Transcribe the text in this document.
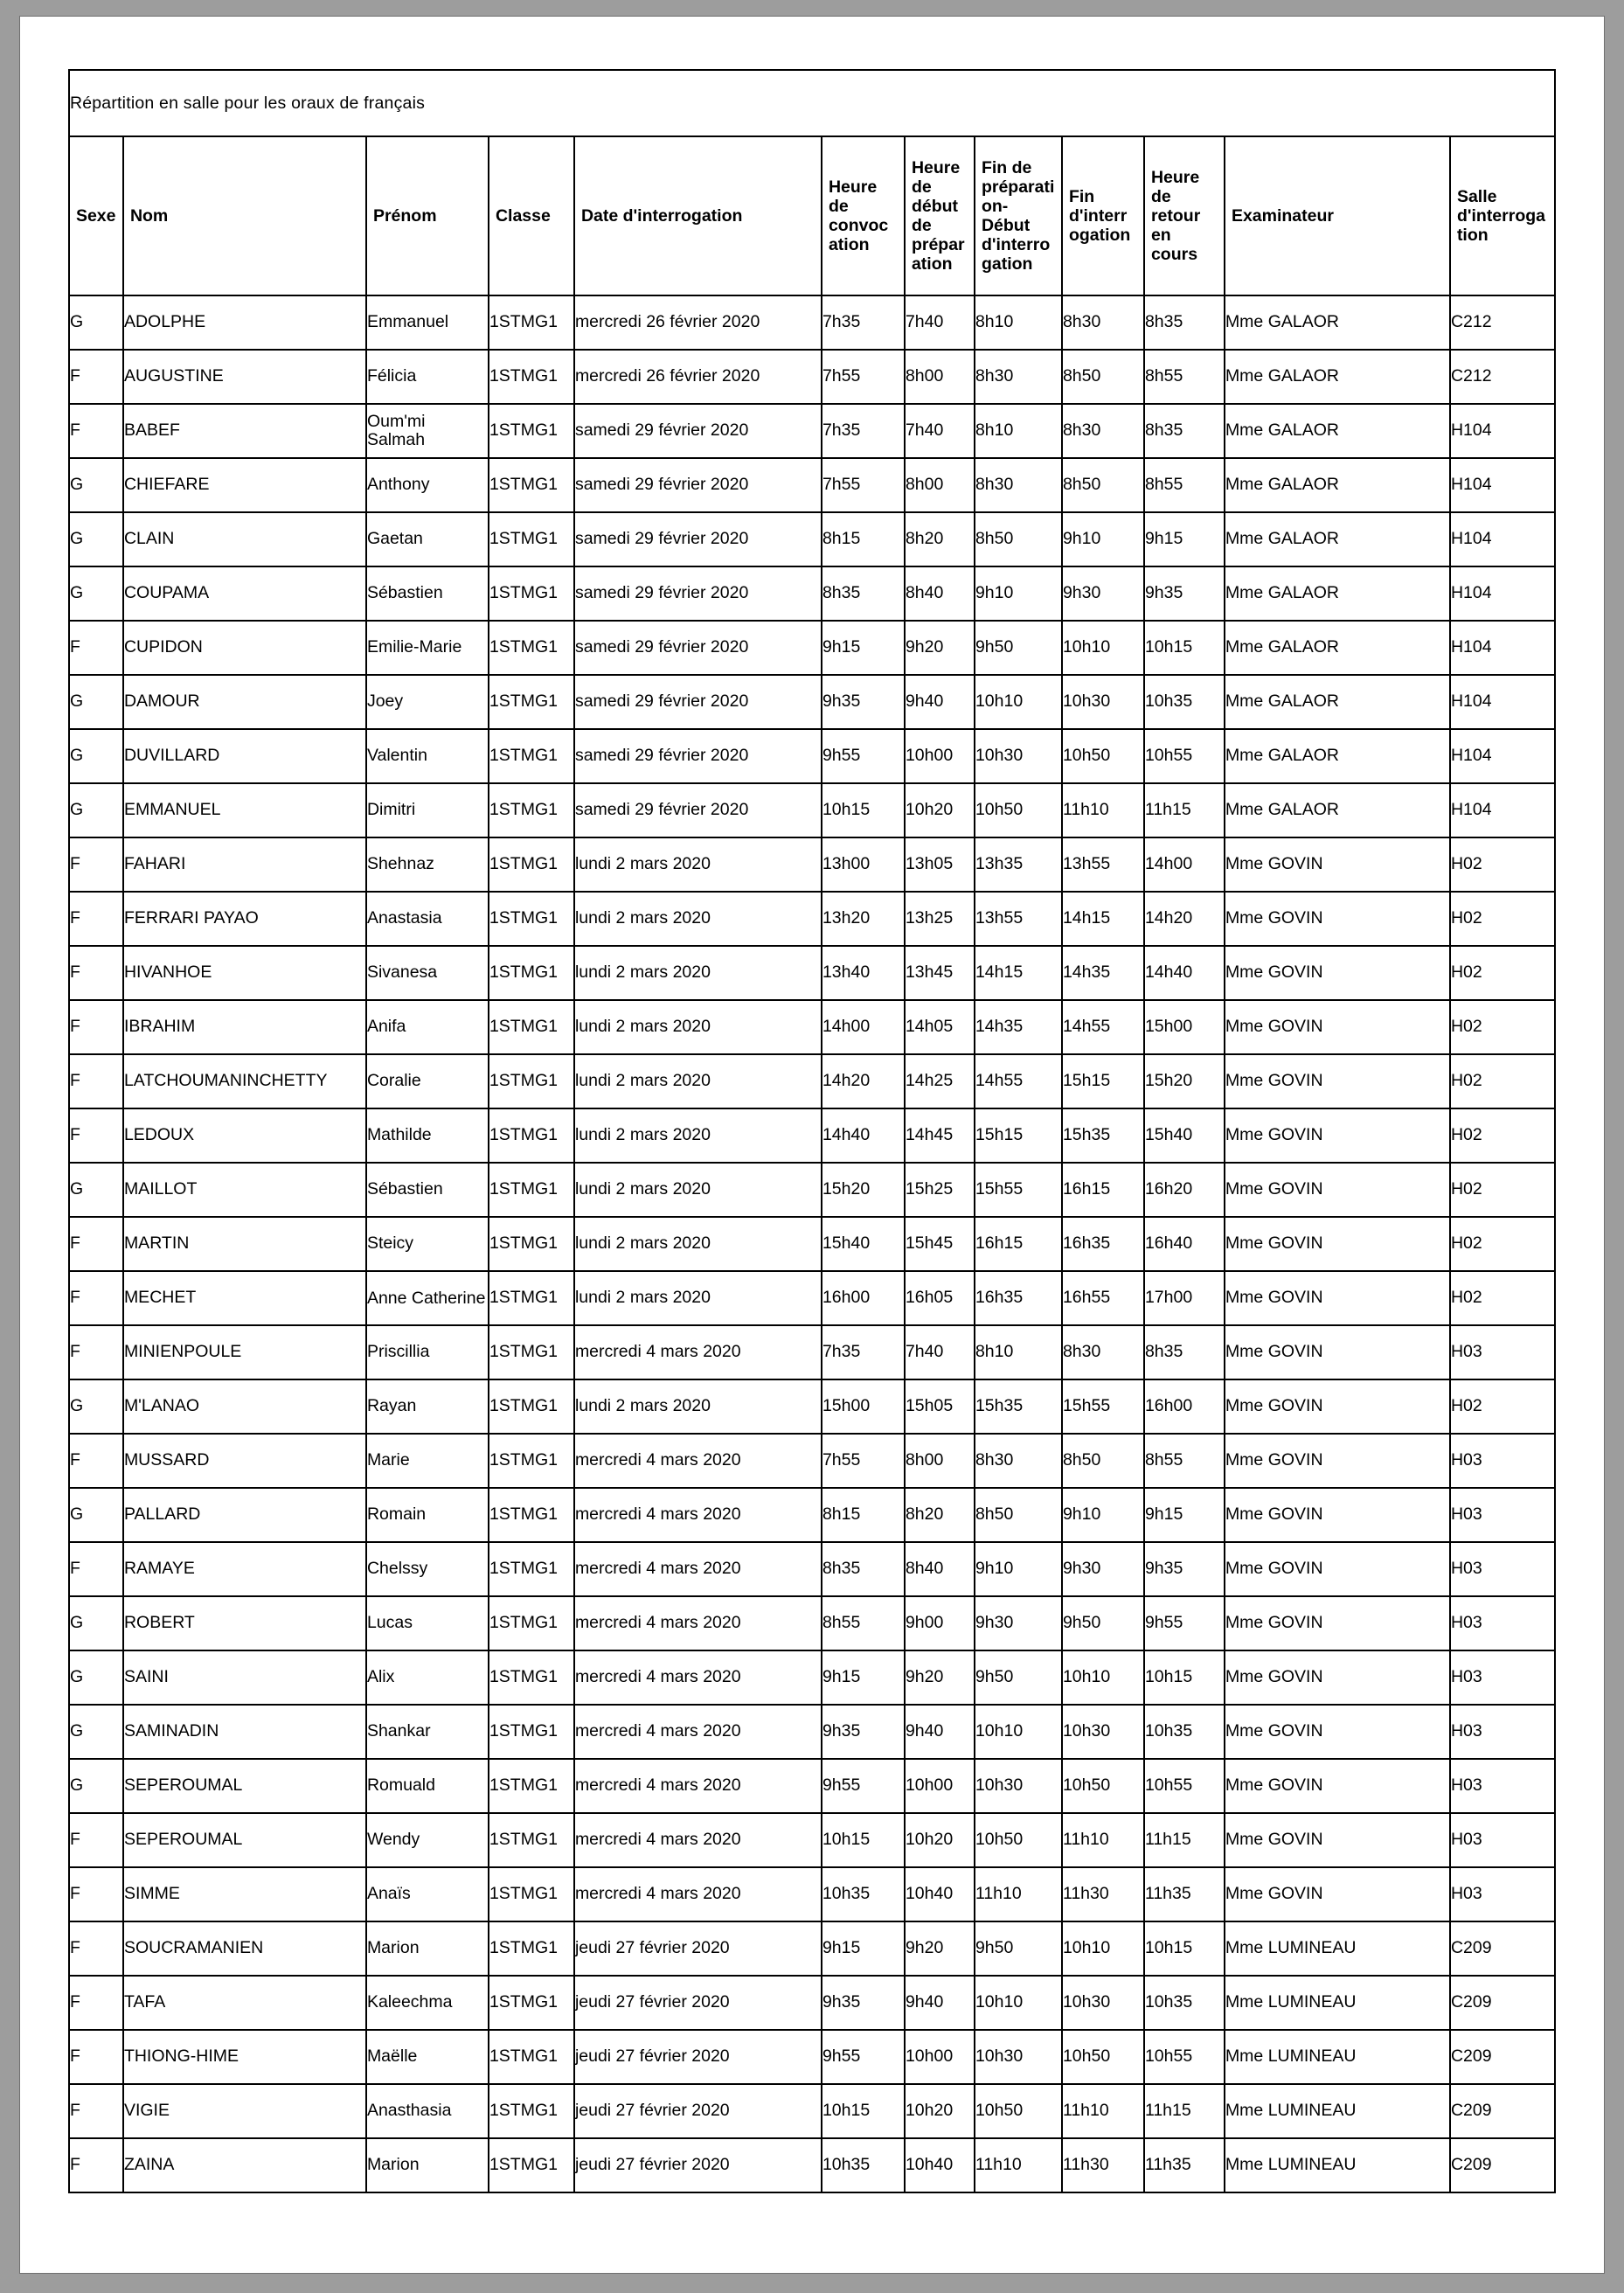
Répartition en salle pour les oraux de français											
Sexe	Nom	Prénom	Classe	Date d'interrogation	Heure de convocation	Heure de début de préparation	Fin de préparation-Début d'interrogation	Fin d'interrogation	Heure de retour en cours	Examinateur	Salle d'interrogation
G	ADOLPHE	Emmanuel	1STMG1	mercredi 26 février 2020	7h35	7h40	8h10	8h30	8h35	Mme GALAOR	C212
F	AUGUSTINE	Félicia	1STMG1	mercredi 26 février 2020	7h55	8h00	8h30	8h50	8h55	Mme GALAOR	C212
F	BABEF	Oum'mi Salmah	1STMG1	samedi 29 février 2020	7h35	7h40	8h10	8h30	8h35	Mme GALAOR	H104
G	CHIEFARE	Anthony	1STMG1	samedi 29 février 2020	7h55	8h00	8h30	8h50	8h55	Mme GALAOR	H104
G	CLAIN	Gaetan	1STMG1	samedi 29 février 2020	8h15	8h20	8h50	9h10	9h15	Mme GALAOR	H104
G	COUPAMA	Sébastien	1STMG1	samedi 29 février 2020	8h35	8h40	9h10	9h30	9h35	Mme GALAOR	H104
F	CUPIDON	Emilie-Marie	1STMG1	samedi 29 février 2020	9h15	9h20	9h50	10h10	10h15	Mme GALAOR	H104
G	DAMOUR	Joey	1STMG1	samedi 29 février 2020	9h35	9h40	10h10	10h30	10h35	Mme GALAOR	H104
G	DUVILLARD	Valentin	1STMG1	samedi 29 février 2020	9h55	10h00	10h30	10h50	10h55	Mme GALAOR	H104
G	EMMANUEL	Dimitri	1STMG1	samedi 29 février 2020	10h15	10h20	10h50	11h10	11h15	Mme GALAOR	H104
F	FAHARI	Shehnaz	1STMG1	lundi 2 mars 2020	13h00	13h05	13h35	13h55	14h00	Mme GOVIN	H02
F	FERRARI PAYAO	Anastasia	1STMG1	lundi 2 mars 2020	13h20	13h25	13h55	14h15	14h20	Mme GOVIN	H02
F	HIVANHOE	Sivanesa	1STMG1	lundi 2 mars 2020	13h40	13h45	14h15	14h35	14h40	Mme GOVIN	H02
F	IBRAHIM	Anifa	1STMG1	lundi 2 mars 2020	14h00	14h05	14h35	14h55	15h00	Mme GOVIN	H02
F	LATCHOUMANINCHETTY	Coralie	1STMG1	lundi 2 mars 2020	14h20	14h25	14h55	15h15	15h20	Mme GOVIN	H02
F	LEDOUX	Mathilde	1STMG1	lundi 2 mars 2020	14h40	14h45	15h15	15h35	15h40	Mme GOVIN	H02
G	MAILLOT	Sébastien	1STMG1	lundi 2 mars 2020	15h20	15h25	15h55	16h15	16h20	Mme GOVIN	H02
F	MARTIN	Steicy	1STMG1	lundi 2 mars 2020	15h40	15h45	16h15	16h35	16h40	Mme GOVIN	H02
F	MECHET	Anne Catherine	1STMG1	lundi 2 mars 2020	16h00	16h05	16h35	16h55	17h00	Mme GOVIN	H02
F	MINIENPOULE	Priscillia	1STMG1	mercredi 4 mars 2020	7h35	7h40	8h10	8h30	8h35	Mme GOVIN	H03
G	M'LANAO	Rayan	1STMG1	lundi 2 mars 2020	15h00	15h05	15h35	15h55	16h00	Mme GOVIN	H02
F	MUSSARD	Marie	1STMG1	mercredi 4 mars 2020	7h55	8h00	8h30	8h50	8h55	Mme GOVIN	H03
G	PALLARD	Romain	1STMG1	mercredi 4 mars 2020	8h15	8h20	8h50	9h10	9h15	Mme GOVIN	H03
F	RAMAYE	Chelssy	1STMG1	mercredi 4 mars 2020	8h35	8h40	9h10	9h30	9h35	Mme GOVIN	H03
G	ROBERT	Lucas	1STMG1	mercredi 4 mars 2020	8h55	9h00	9h30	9h50	9h55	Mme GOVIN	H03
G	SAINI	Alix	1STMG1	mercredi 4 mars 2020	9h15	9h20	9h50	10h10	10h15	Mme GOVIN	H03
G	SAMINADIN	Shankar	1STMG1	mercredi 4 mars 2020	9h35	9h40	10h10	10h30	10h35	Mme GOVIN	H03
G	SEPEROUMAL	Romuald	1STMG1	mercredi 4 mars 2020	9h55	10h00	10h30	10h50	10h55	Mme GOVIN	H03
F	SEPEROUMAL	Wendy	1STMG1	mercredi 4 mars 2020	10h15	10h20	10h50	11h10	11h15	Mme GOVIN	H03
F	SIMME	Anaïs	1STMG1	mercredi 4 mars 2020	10h35	10h40	11h10	11h30	11h35	Mme GOVIN	H03
F	SOUCRAMANIEN	Marion	1STMG1	jeudi 27 février 2020	9h15	9h20	9h50	10h10	10h15	Mme LUMINEAU	C209
F	TAFA	Kaleechma	1STMG1	jeudi 27 février 2020	9h35	9h40	10h10	10h30	10h35	Mme LUMINEAU	C209
F	THIONG-HIME	Maëlle	1STMG1	jeudi 27 février 2020	9h55	10h00	10h30	10h50	10h55	Mme LUMINEAU	C209
F	VIGIE	Anasthasia	1STMG1	jeudi 27 février 2020	10h15	10h20	10h50	11h10	11h15	Mme LUMINEAU	C209
F	ZAINA	Marion	1STMG1	jeudi 27 février 2020	10h35	10h40	11h10	11h30	11h35	Mme LUMINEAU	C209
